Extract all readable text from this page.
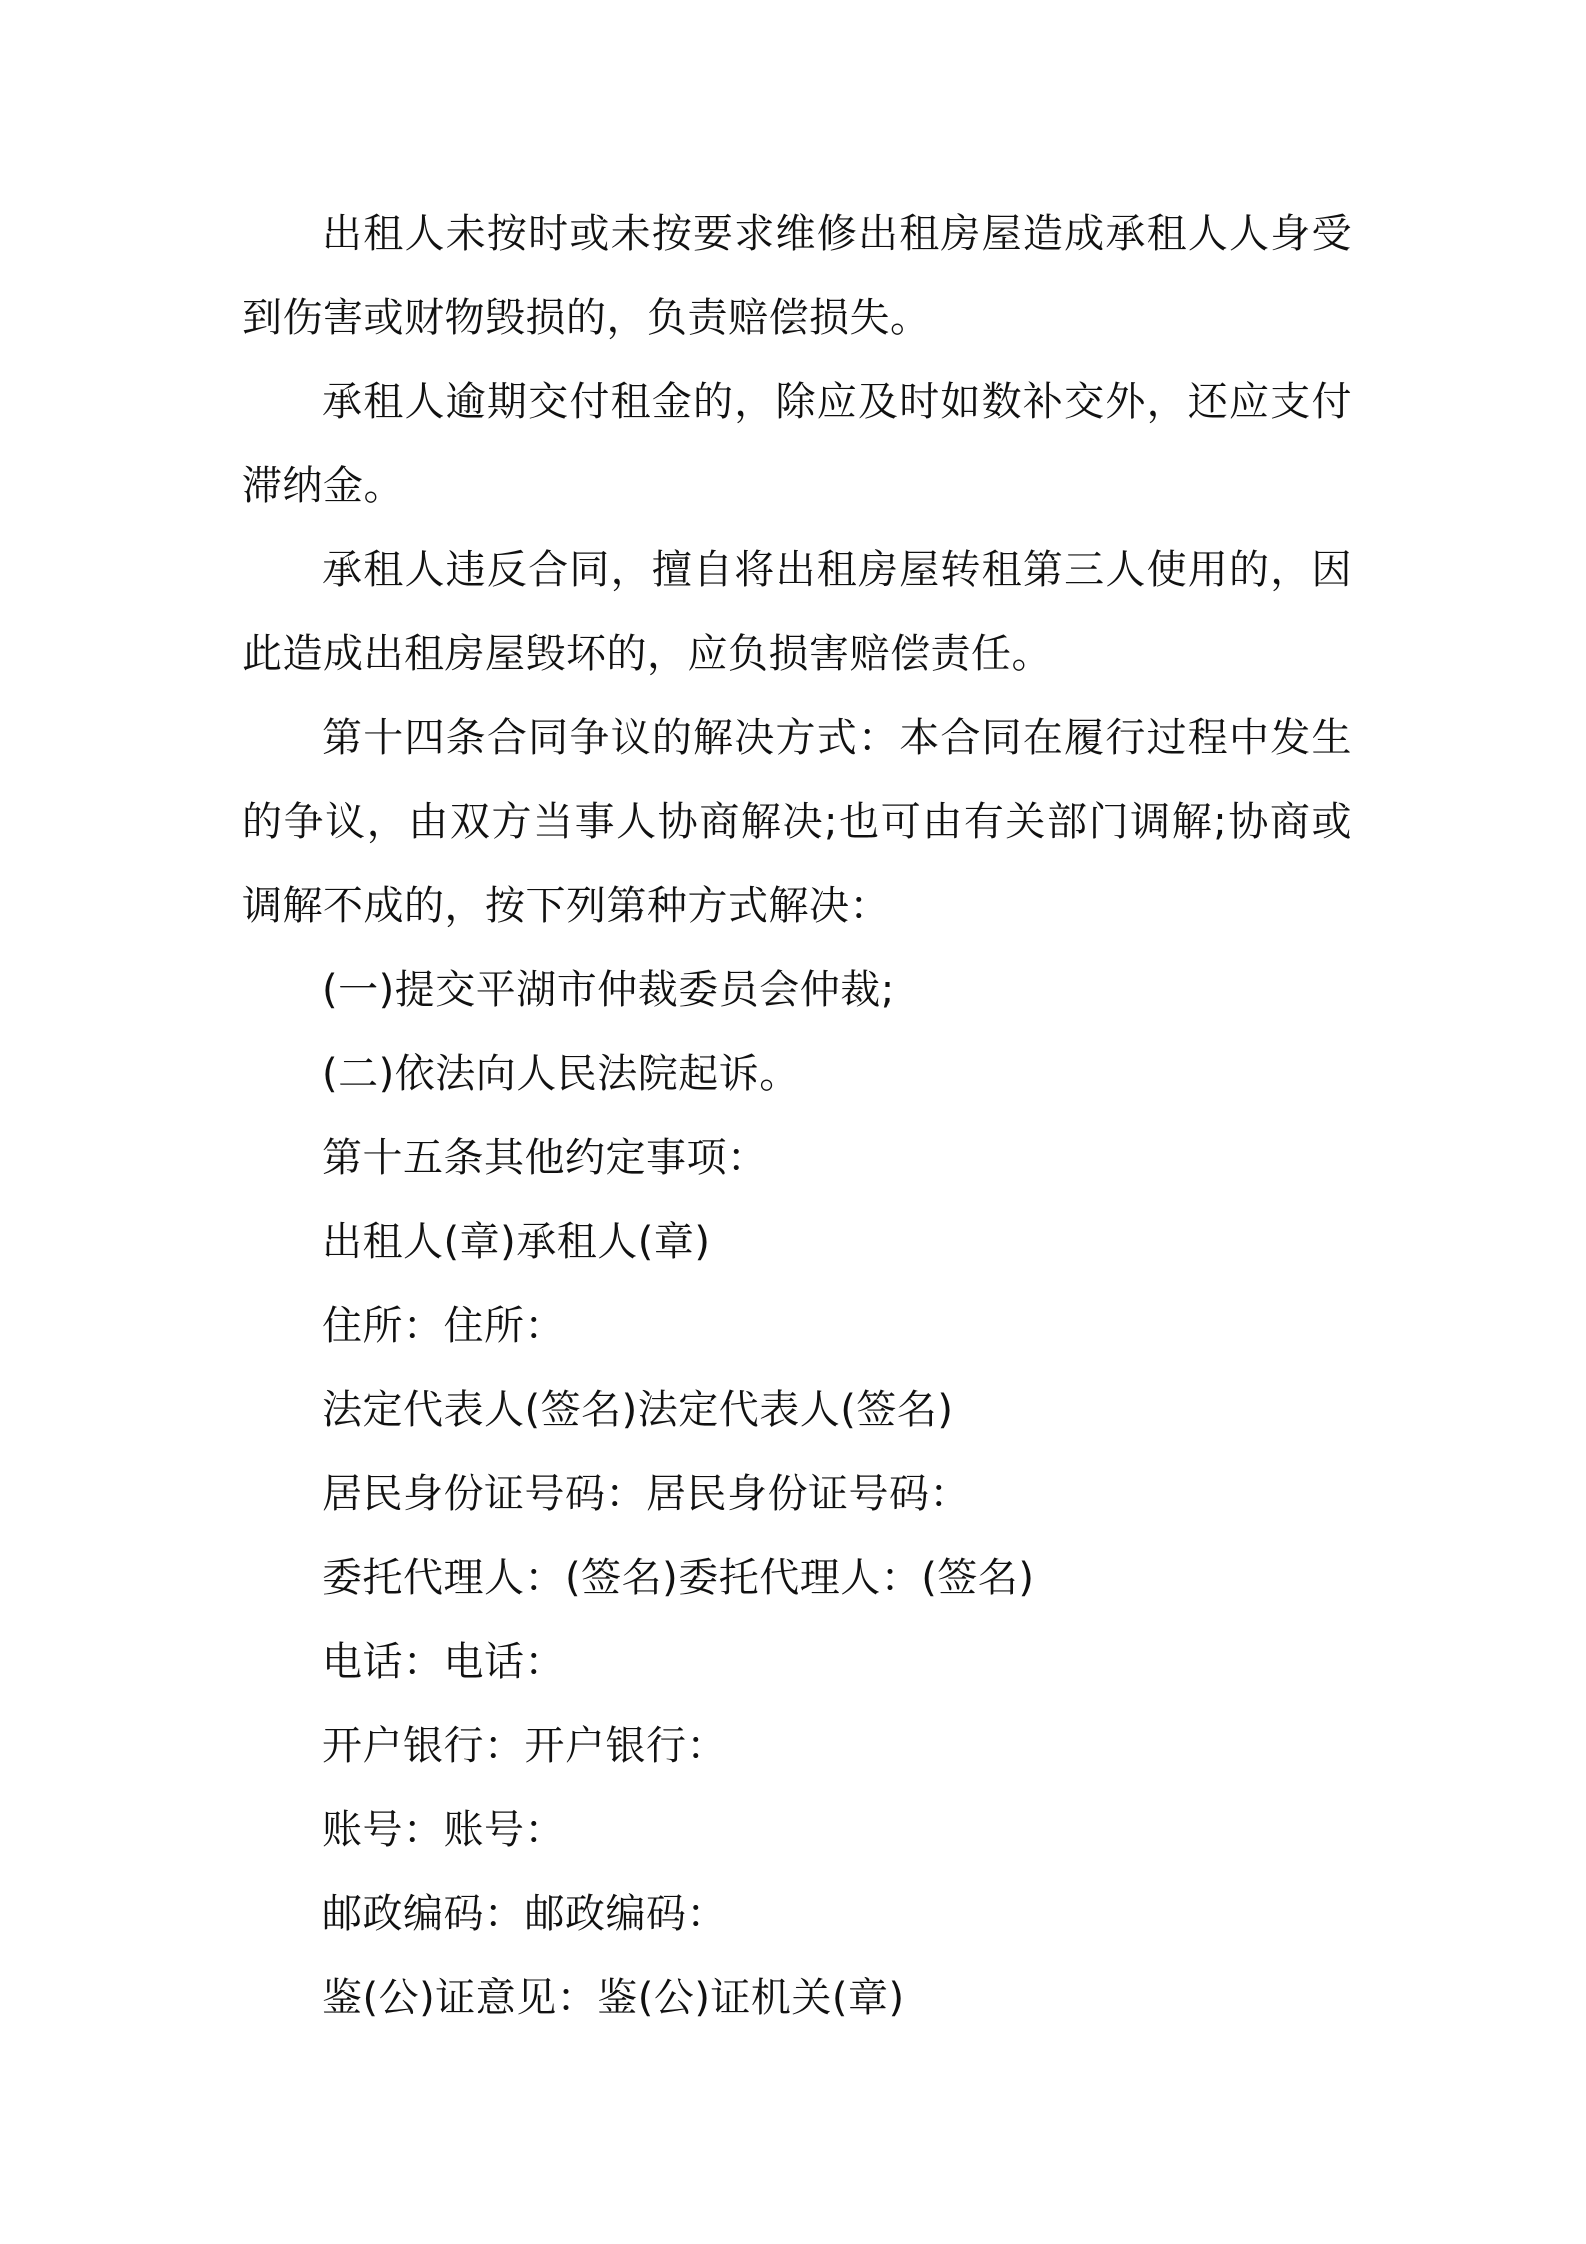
出租人未按时或未按要求维修出租房屋造成承租人人身受到伤害或财物毁损的，负责赔偿损失。

承租人逾期交付租金的，除应及时如数补交外，还应支付滞纳金。

承租人违反合同，擅自将出租房屋转租第三人使用的，因此造成出租房屋毁坏的，应负损害赔偿责任。

第十四条合同争议的解决方式：本合同在履行过程中发生的争议，由双方当事人协商解决;也可由有关部门调解;协商或调解不成的，按下列第种方式解决：

(一)提交平湖市仲裁委员会仲裁;

(二)依法向人民法院起诉。

第十五条其他约定事项：

出租人(章)承租人(章)

住所：住所：

法定代表人(签名)法定代表人(签名)

居民身份证号码：居民身份证号码：

委托代理人：(签名)委托代理人：(签名)

电话：电话：

开户银行：开户银行：

账号：账号：

邮政编码：邮政编码：

鉴(公)证意见：鉴(公)证机关(章)
